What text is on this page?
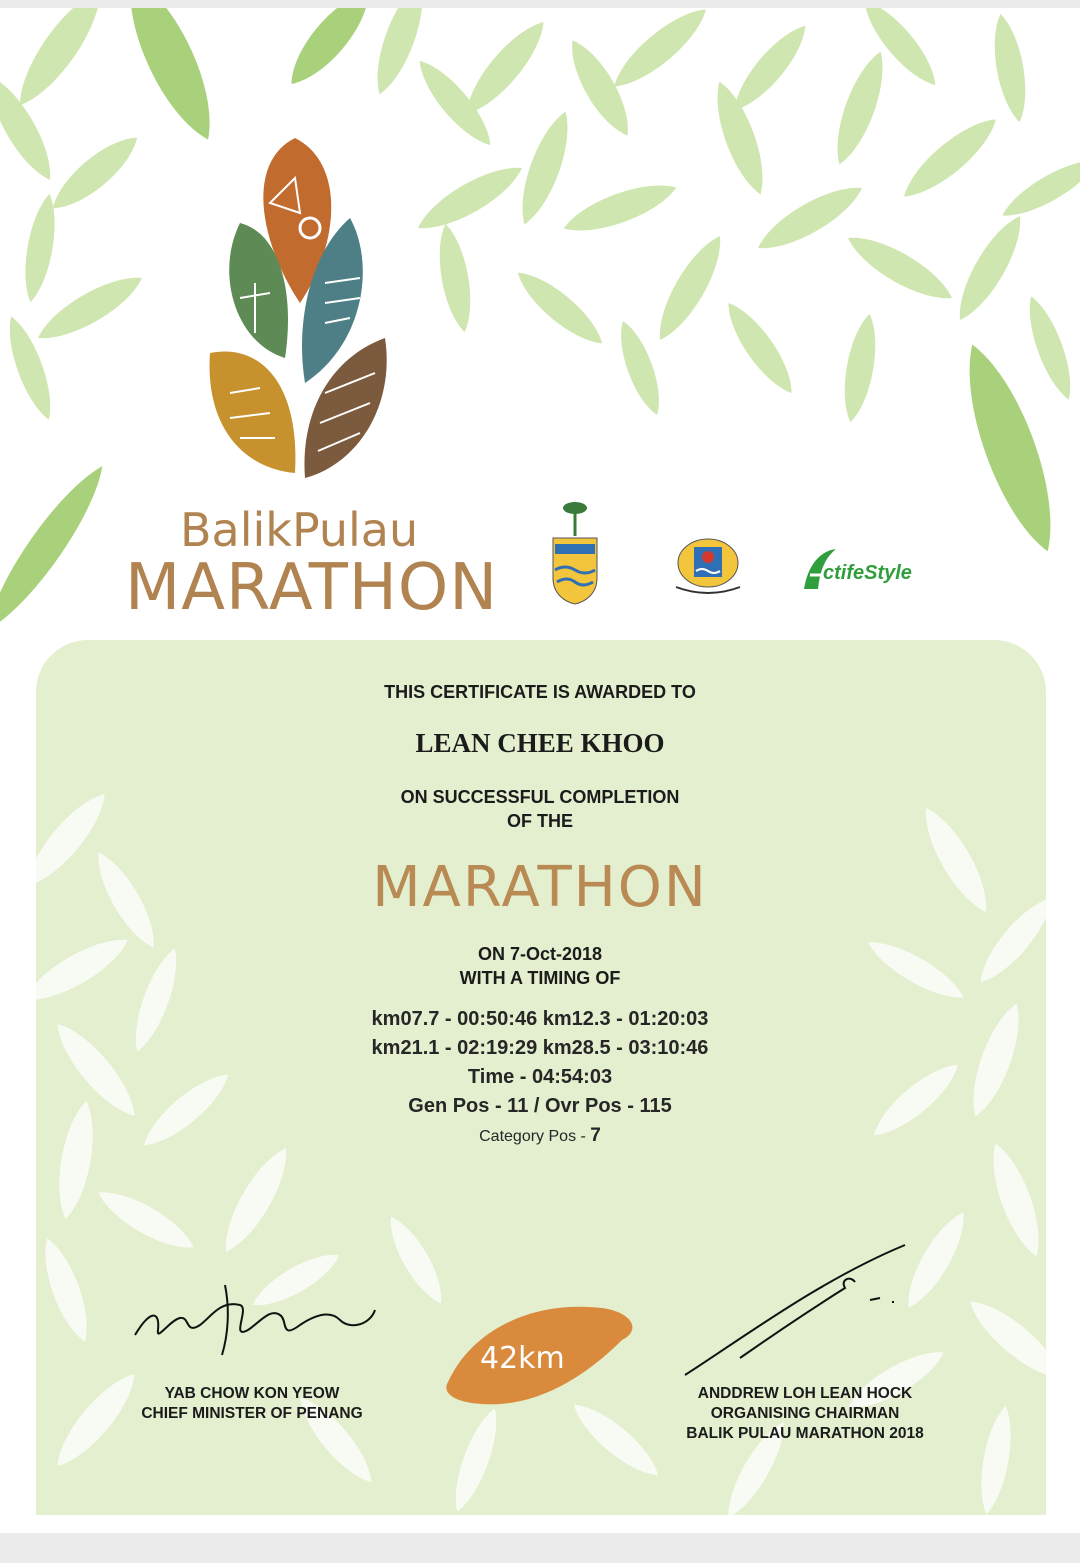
BalikPulau
MARATHON	ctifeStyle
THIS CERTIFICATE IS AWARDED TO
LEAN CHEE KHOO
ON SUCCESSFUL COMPLETION
OF THE
MARATHON
ON 7-Oct-2018
WITH A TIMING OF
km07.7 - 00:50:46 km12.3 - 01:20:03
km21.1 - 02:19:29 km28.5 - 03:10:46
Time - 04:54:03
Gen Pos - 11 / Ovr Pos - 115
Category Pos - 7
YAB CHOW KON YEOW
CHIEF MINISTER OF PENANG
ANDDREW LOH LEAN HOCK
ORGANISING CHAIRMAN
BALIK PULAU MARATHON 2018
42km
